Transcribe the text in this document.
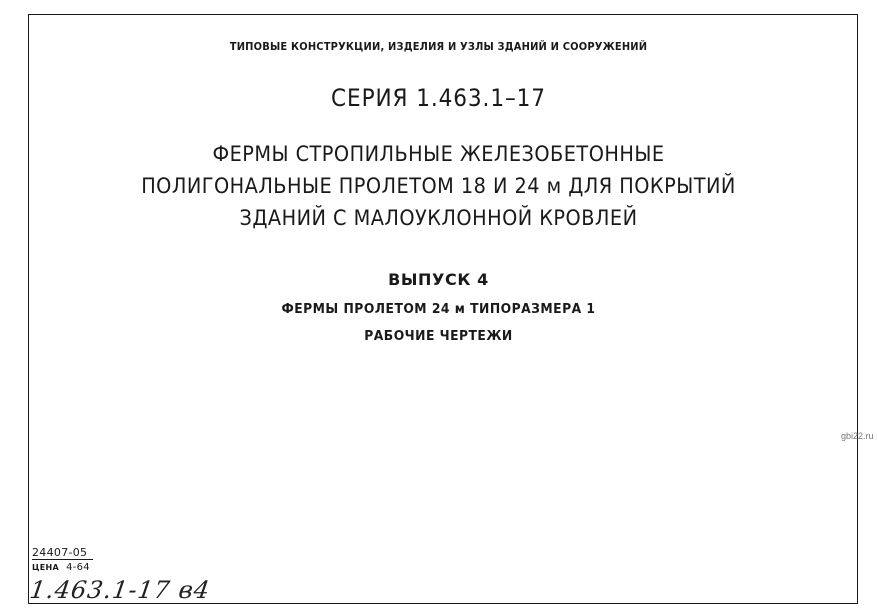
ТИПОВЫЕ КОНСТРУКЦИИ, ИЗДЕЛИЯ И УЗЛЫ ЗДАНИЙ И СООРУЖЕНИЙ
СЕРИЯ 1.463.1–17
ФЕРМЫ СТРОПИЛЬНЫЕ ЖЕЛЕЗОБЕТОННЫЕ
ПОЛИГОНАЛЬНЫЕ ПРОЛЕТОМ 18 И 24 м ДЛЯ ПОКРЫТИЙ
ЗДАНИЙ С МАЛОУКЛОННОЙ КРОВЛЕЙ
ВЫПУСК 4
ФЕРМЫ ПРОЛЕТОМ 24 м ТИПОРАЗМЕРА 1
РАБОЧИЕ ЧЕРТЕЖИ
24407-05
ЦЕНА 4-64
1.463.1-17 в4
gbi22.ru
